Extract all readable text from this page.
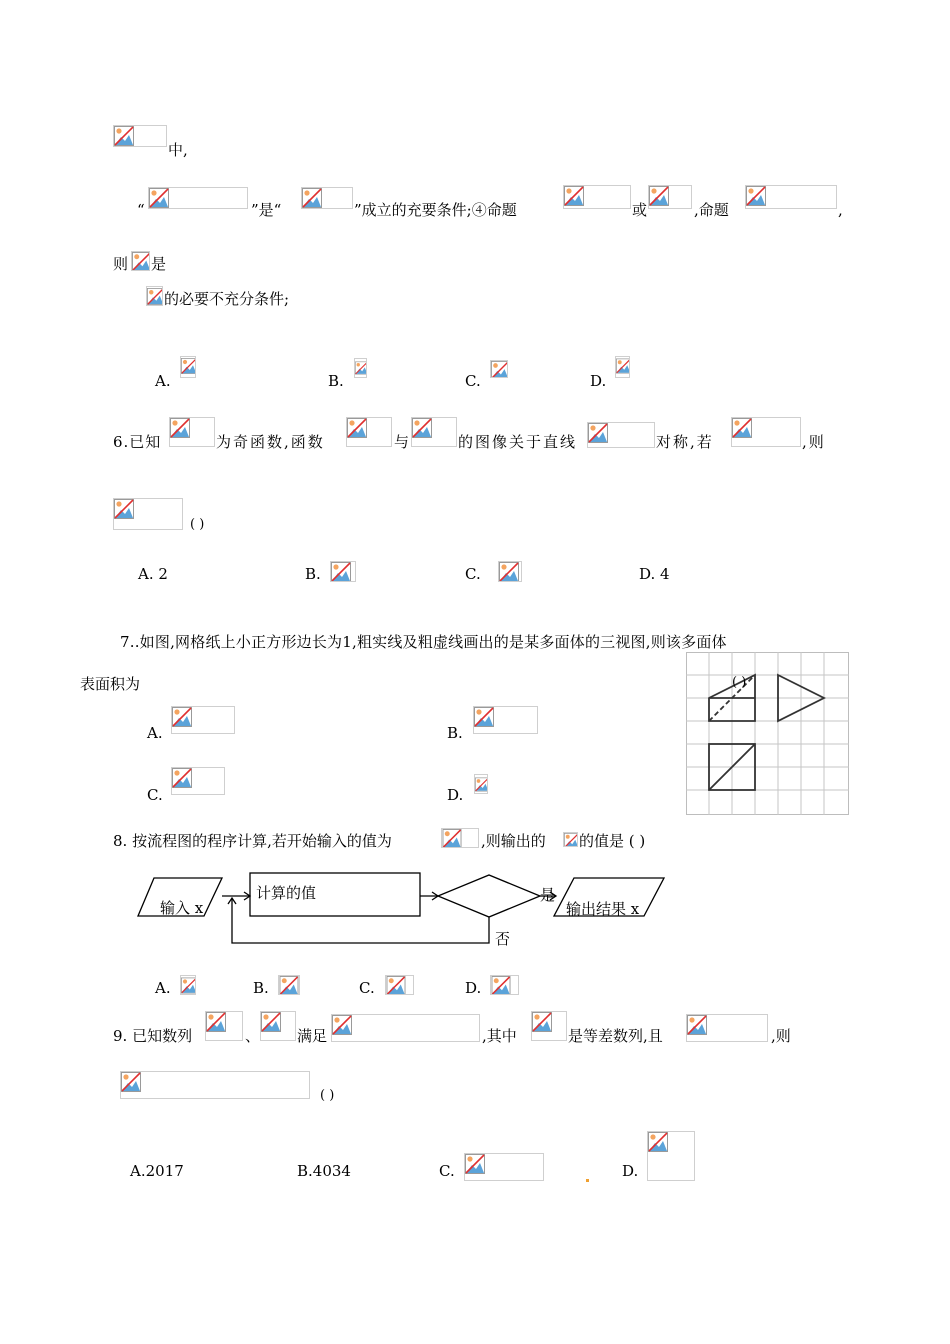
中,
“	”是“	”成立的充要条件;④命题	或	,命题	,
则 是
的必要不充分条件;
A.	B.	C.	D.
6.已知	为奇函数,函数	与	的图像关于直线	对称,若	,则
( )
A. 2	B.	C.	D. 4
7..如图,网格纸上小正方形边长为1,粗实线及粗虚线画出的是某多面体的三视图,则该多面体
表面积为	( )
A.	B.
C.	D.
8. 按流程图的程序计算,若开始输入的值为	,则输出的 的值是 ( )
输入 x
计算的值	是
否
输出结果 x
A.	B.	C.	D.
9. 已知数列	、 满足	,其中	是等差数列,且	,则
( )
A.2017	B.4034	C.	D.
